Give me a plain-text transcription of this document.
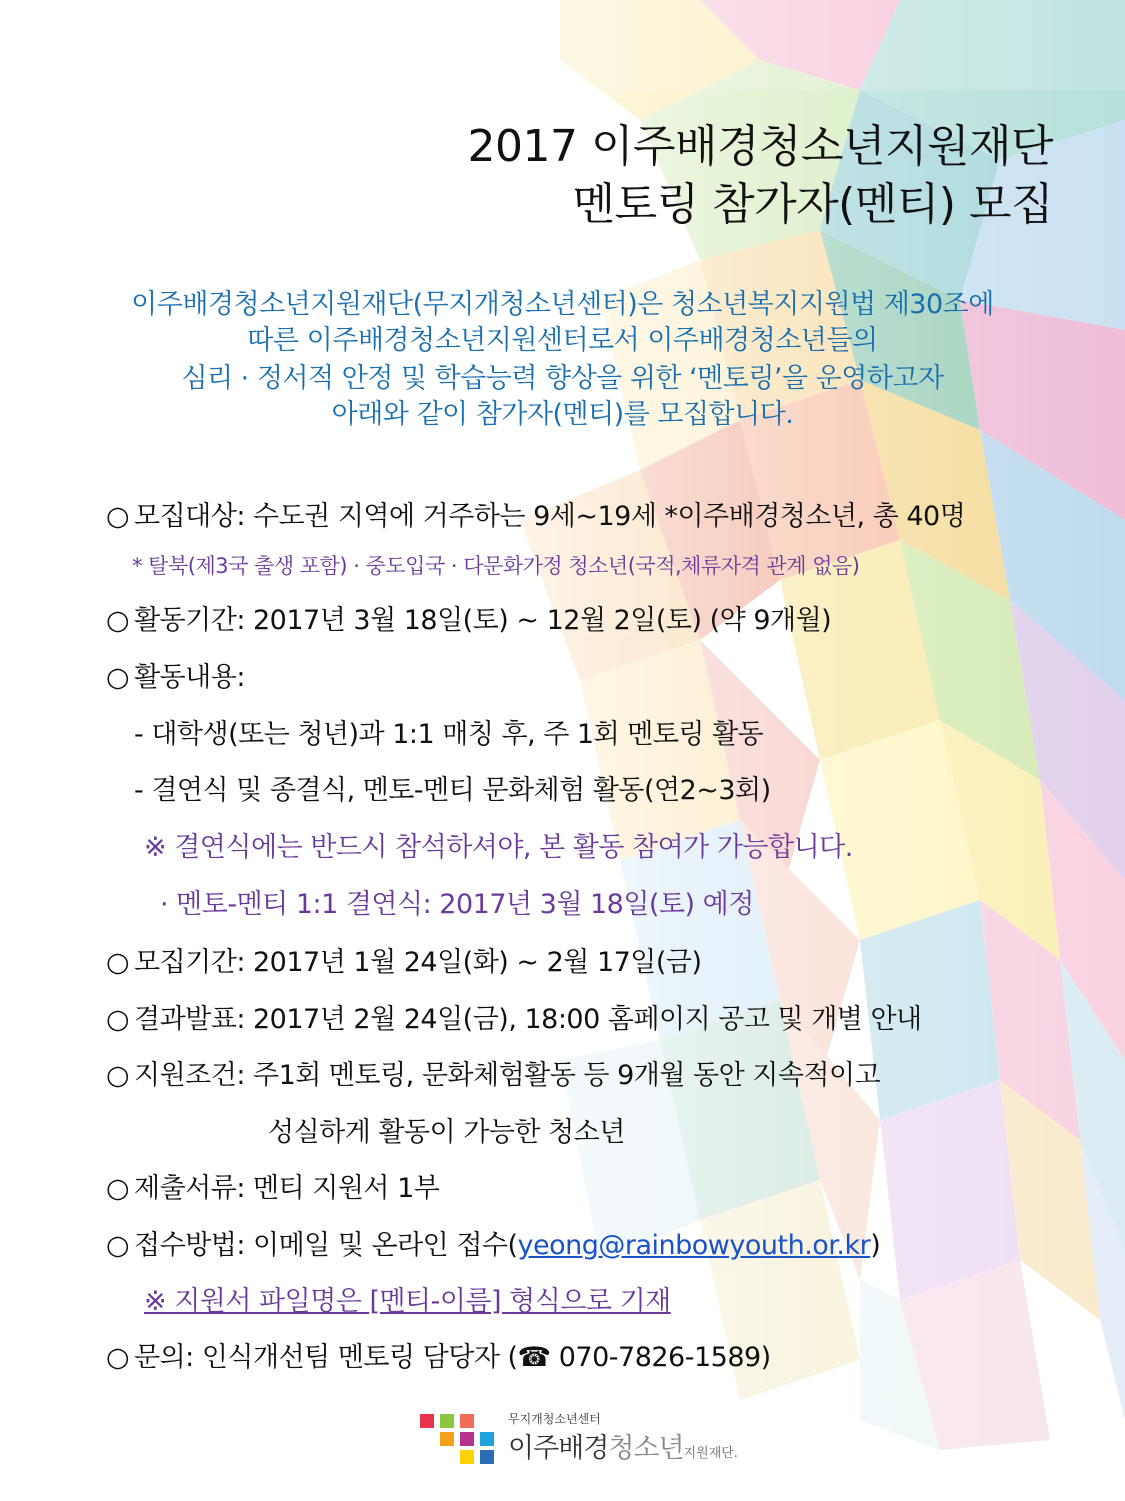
2017 이주배경청소년지원재단
멘토링 참가자(멘티) 모집
이주배경청소년지원재단(무지개청소년센터)은 청소년복지지원법 제30조에
따른 이주배경청소년지원센터로서 이주배경청소년들의
심리 · 정서적 안정 및 학습능력 향상을 위한 ‘멘토링’을 운영하고자
아래와 같이 참가자(멘티)를 모집합니다.
○ 모집대상: 수도권 지역에 거주하는 9세~19세 *이주배경청소년, 총 40명
* 탈북(제3국 출생 포함) · 중도입국 · 다문화가정 청소년(국적,체류자격 관계 없음)
○ 활동기간: 2017년 3월 18일(토) ~ 12월 2일(토) (약 9개월)
○ 활동내용:
- 대학생(또는 청년)과 1:1 매칭 후, 주 1회 멘토링 활동
- 결연식 및 종결식, 멘토-멘티 문화체험 활동(연2~3회)
※ 결연식에는 반드시 참석하셔야, 본 활동 참여가 가능합니다.
· 멘토-멘티 1:1 결연식: 2017년 3월 18일(토) 예정
○ 모집기간: 2017년 1월 24일(화) ~ 2월 17일(금)
○ 결과발표: 2017년 2월 24일(금), 18:00 홈페이지 공고 및 개별 안내
○ 지원조건: 주1회 멘토링, 문화체험활동 등 9개월 동안 지속적이고
성실하게 활동이 가능한 청소년
○ 제출서류: 멘티 지원서 1부
○ 접수방법: 이메일 및 온라인 접수(yeong@rainbowyouth.or.kr)
※ 지원서 파일명은 [멘티-이름] 형식으로 기재
○ 문의: 인식개선팀 멘토링 담당자 (☎ 070-7826-1589)
무지개청소년센터
이주배경청소년지원재단.
